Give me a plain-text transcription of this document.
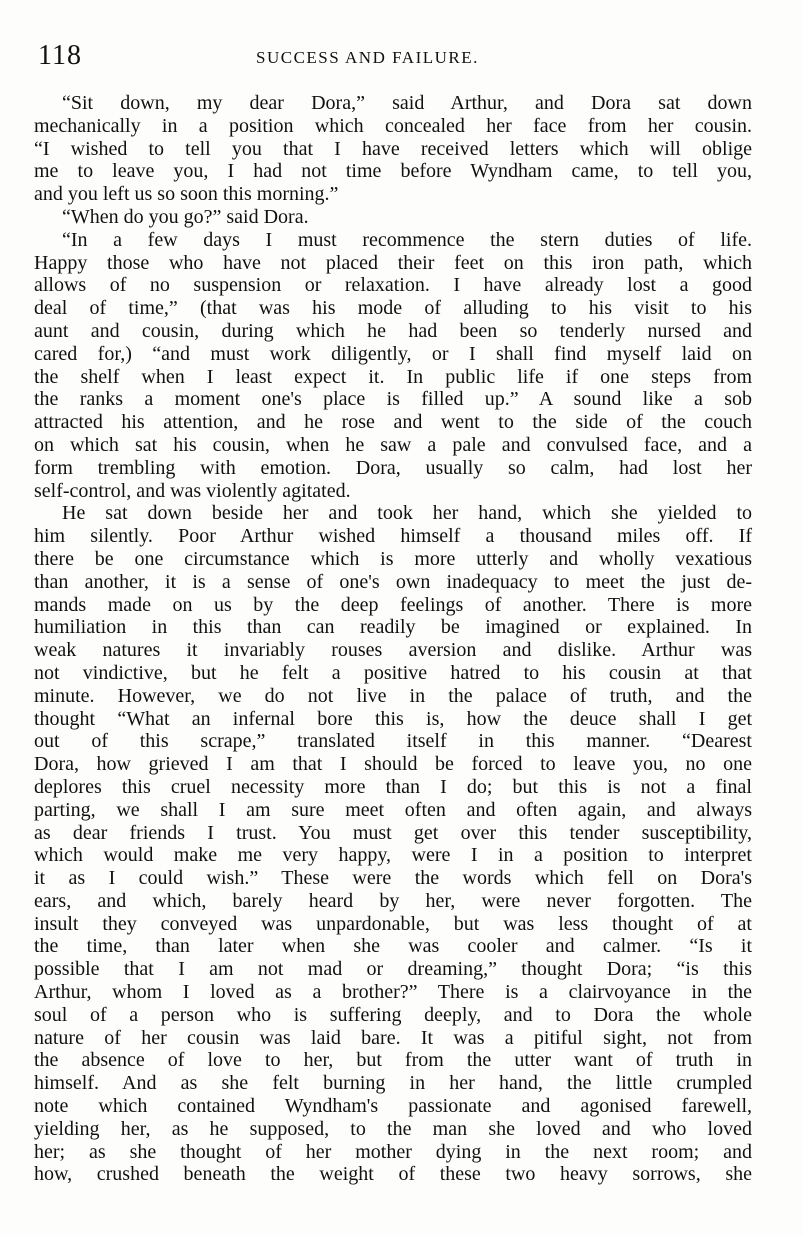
118	SUCCESS AND FAILURE.
“Sit down, my dear Dora,” said Arthur, and Dora sat down
mechanically in a position which concealed her face from her cousin.
“I wished to tell you that I have received letters which will oblige
me to leave you, I had not time before Wyndham came, to tell you,
and you left us so soon this morning.”
“When do you go?” said Dora.
“In a few days I must recommence the stern duties of life.
Happy those who have not placed their feet on this iron path, which
allows of no suspension or relaxation. I have already lost a good
deal of time,” (that was his mode of alluding to his visit to his
aunt and cousin, during which he had been so tenderly nursed and
cared for,) “and must work diligently, or I shall find myself laid on
the shelf when I least expect it. In public life if one steps from
the ranks a moment one's place is filled up.” A sound like a sob
attracted his attention, and he rose and went to the side of the couch
on which sat his cousin, when he saw a pale and convulsed face, and a
form trembling with emotion. Dora, usually so calm, had lost her
self-control, and was violently agitated.
He sat down beside her and took her hand, which she yielded to
him silently. Poor Arthur wished himself a thousand miles off. If
there be one circumstance which is more utterly and wholly vexatious
than another, it is a sense of one's own inadequacy to meet the just de-
mands made on us by the deep feelings of another. There is more
humiliation in this than can readily be imagined or explained. In
weak natures it invariably rouses aversion and dislike. Arthur was
not vindictive, but he felt a positive hatred to his cousin at that
minute. However, we do not live in the palace of truth, and the
thought “What an infernal bore this is, how the deuce shall I get
out of this scrape,” translated itself in this manner. “Dearest
Dora, how grieved I am that I should be forced to leave you, no one
deplores this cruel necessity more than I do; but this is not a final
parting, we shall I am sure meet often and often again, and always
as dear friends I trust. You must get over this tender susceptibility,
which would make me very happy, were I in a position to interpret
it as I could wish.” These were the words which fell on Dora's
ears, and which, barely heard by her, were never forgotten. The
insult they conveyed was unpardonable, but was less thought of at
the time, than later when she was cooler and calmer. “Is it
possible that I am not mad or dreaming,” thought Dora; “is this
Arthur, whom I loved as a brother?” There is a clairvoyance in the
soul of a person who is suffering deeply, and to Dora the whole
nature of her cousin was laid bare. It was a pitiful sight, not from
the absence of love to her, but from the utter want of truth in
himself. And as she felt burning in her hand, the little crumpled
note which contained Wyndham's passionate and agonised farewell,
yielding her, as he supposed, to the man she loved and who loved
her; as she thought of her mother dying in the next room; and
how, crushed beneath the weight of these two heavy sorrows, she
